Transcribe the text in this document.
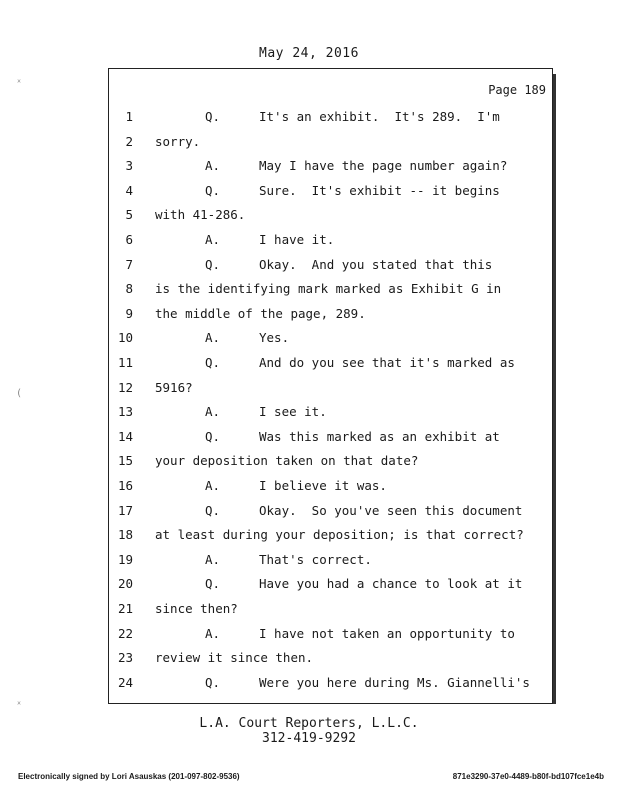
May 24, 2016
ˣ
(
ˣ
Page 189
1	Q.	It's an exhibit.  It's 289.  I'm
2 sorry.
3	A.	May I have the page number again?
4	Q.	Sure.  It's exhibit -- it begins
5 with 41-286.
6	A.	I have it.
7	Q.	Okay.  And you stated that this
8 is the identifying mark marked as Exhibit G in
9 the middle of the page, 289.
10	A.	Yes.
11	Q.	And do you see that it's marked as
12 5916?
13	A.	I see it.
14	Q.	Was this marked as an exhibit at
15 your deposition taken on that date?
16	A.	I believe it was.
17	Q.	Okay.  So you've seen this document
18 at least during your deposition; is that correct?
19	A.	That's correct.
20	Q.	Have you had a chance to look at it
21 since then?
22	A.	I have not taken an opportunity to
23 review it since then.
24	Q.	Were you here during Ms. Giannelli's
L.A. Court Reporters, L.L.C.
312-419-9292
Electronically signed by Lori Asauskas (201-097-802-9536)	871e3290-37e0-4489-b80f-bd107fce1e4b
